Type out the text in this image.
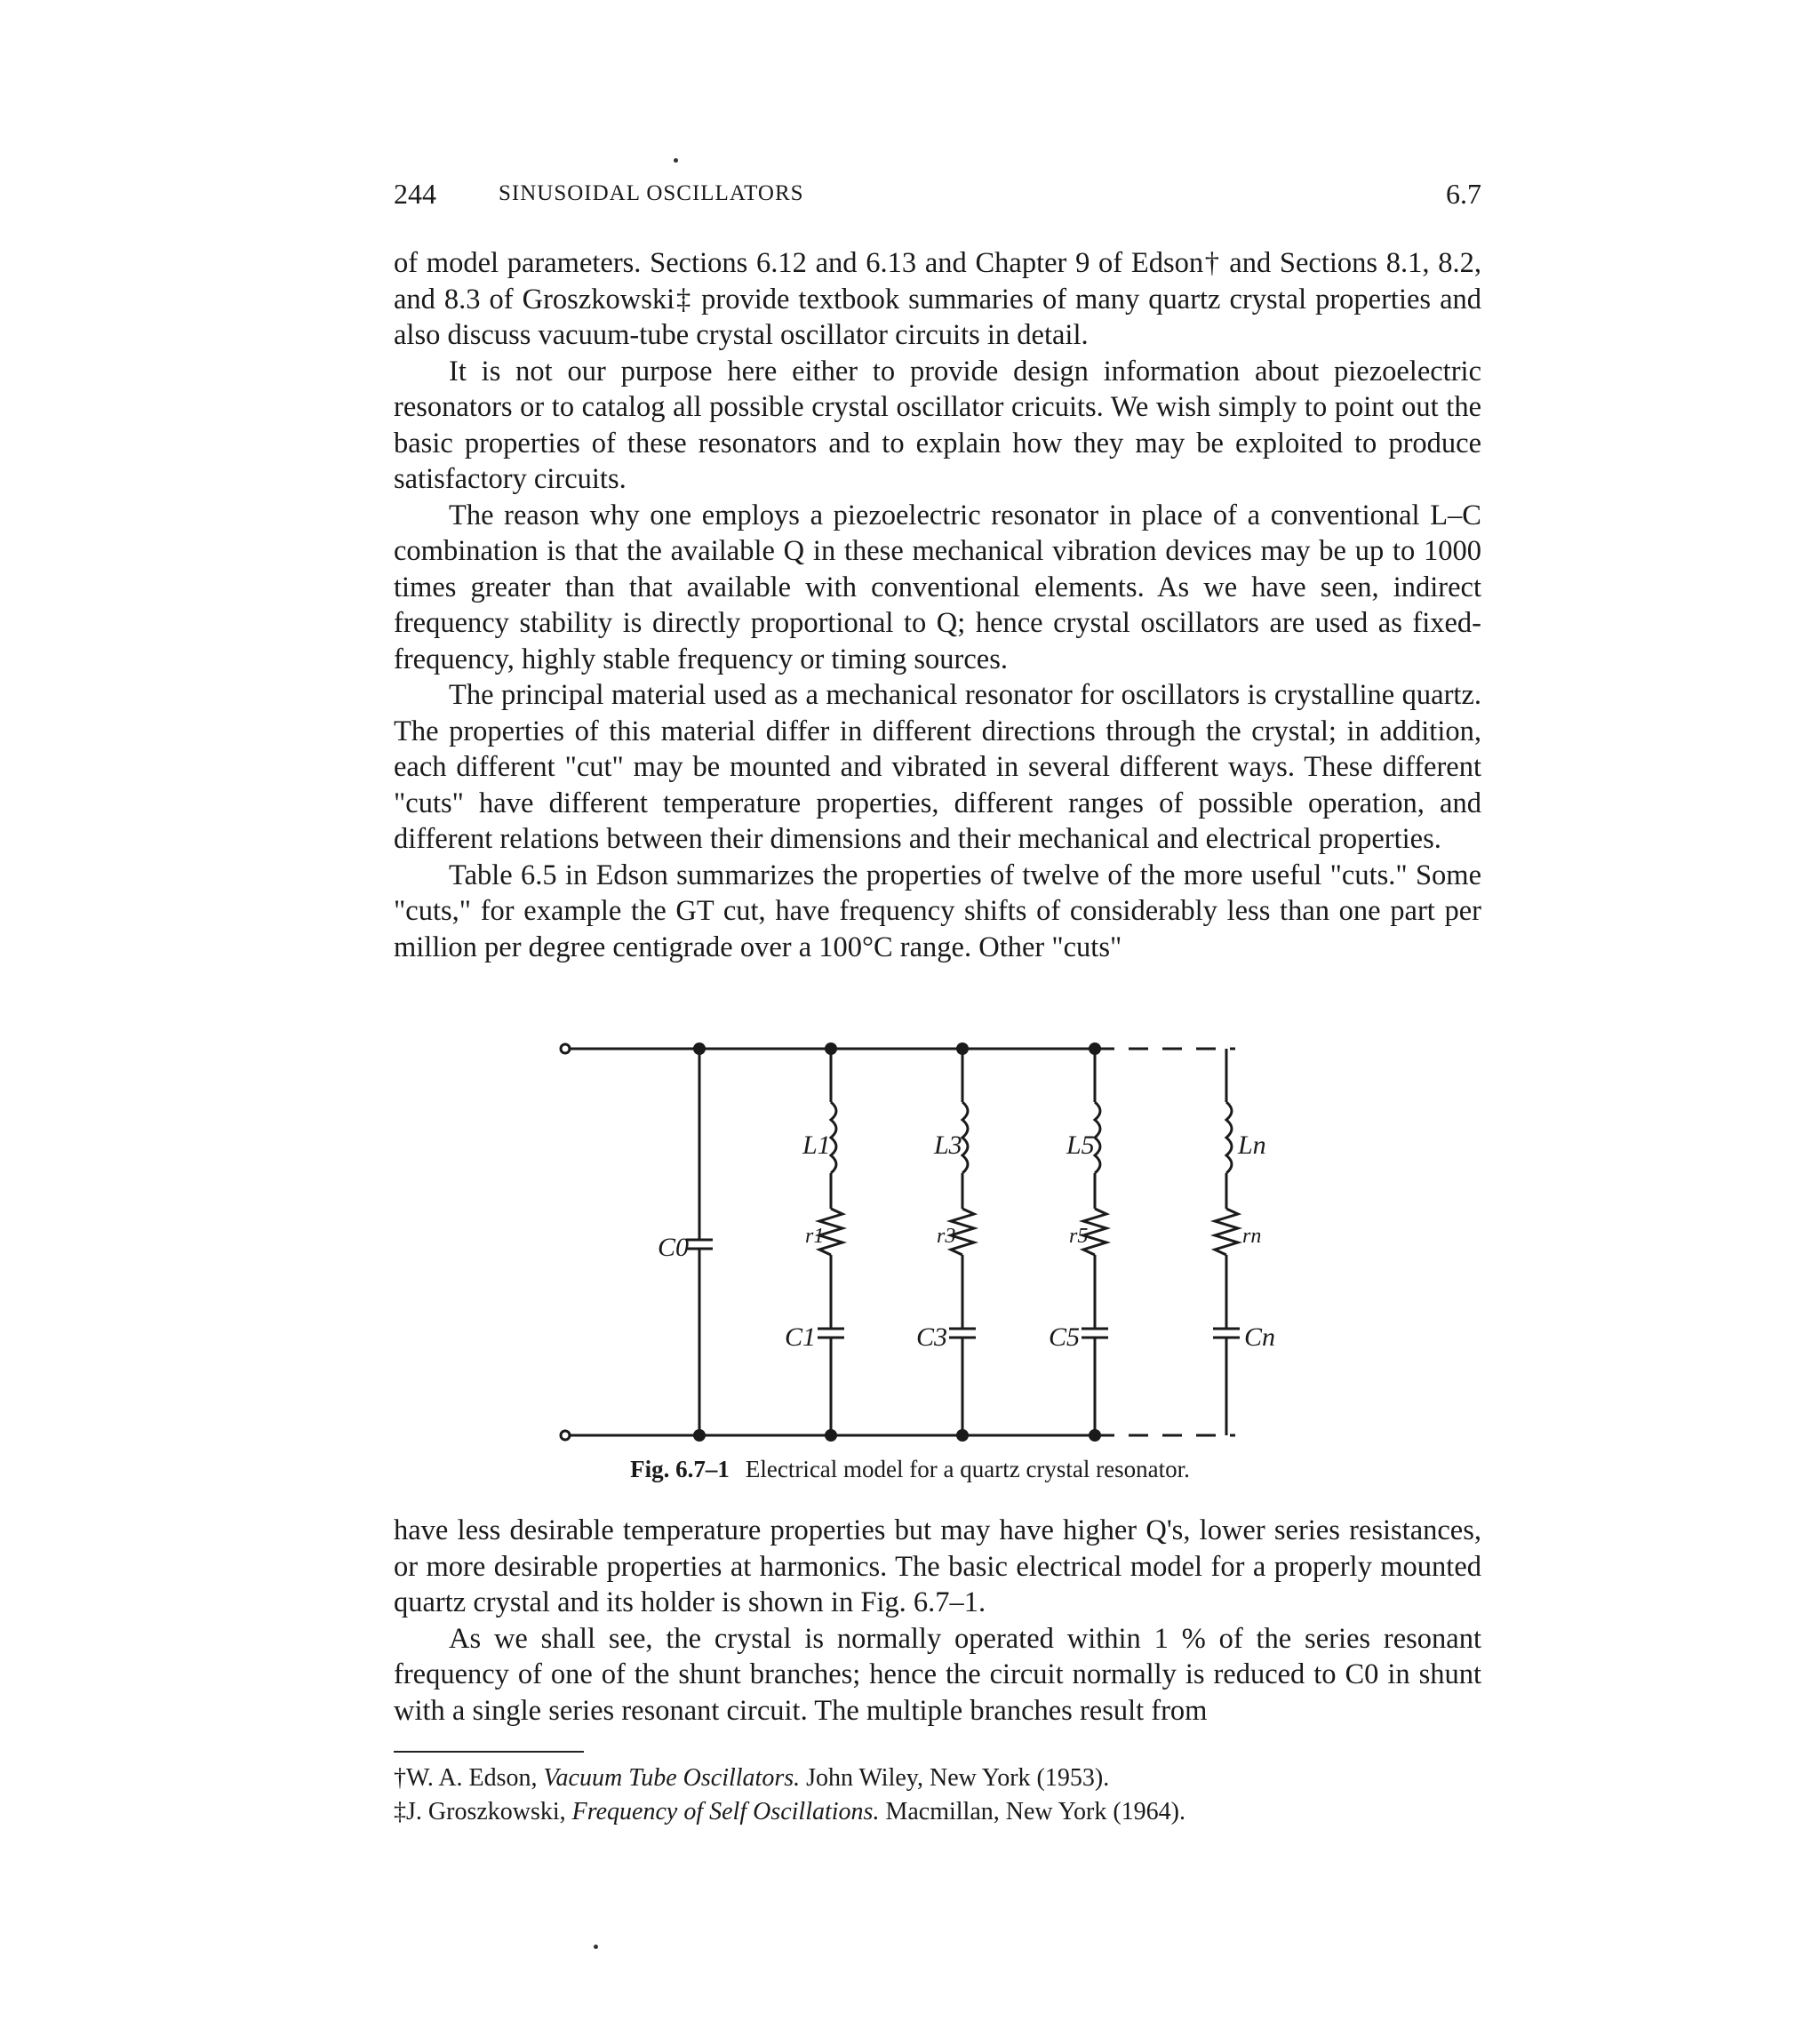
244	SINUSOIDAL OSCILLATORS	6.7

of model parameters. Sections 6.12 and 6.13 and Chapter 9 of Edson† and Sections 8.1, 8.2, and 8.3 of Groszkowski‡ provide textbook summaries of many quartz crystal properties and also discuss vacuum-tube crystal oscillator circuits in detail.

It is not our purpose here either to provide design information about piezoelectric resonators or to catalog all possible crystal oscillator cricuits. We wish simply to point out the basic properties of these resonators and to explain how they may be exploited to produce satisfactory circuits.

The reason why one employs a piezoelectric resonator in place of a conventional L–C combination is that the available Q in these mechanical vibration devices may be up to 1000 times greater than that available with conventional elements. As we have seen, indirect frequency stability is directly proportional to Q; hence crystal oscillators are used as fixed-frequency, highly stable frequency or timing sources.

The principal material used as a mechanical resonator for oscillators is crystalline quartz. The properties of this material differ in different directions through the crystal; in addition, each different "cut" may be mounted and vibrated in several different ways. These different "cuts" have different temperature properties, different ranges of possible operation, and different relations between their dimensions and their mechanical and electrical properties.

Table 6.5 in Edson summarizes the properties of twelve of the more useful "cuts." Some "cuts," for example the GT cut, have frequency shifts of considerably less than one part per million per degree centigrade over a 100°C range. Other "cuts"

C0
L1	L3	L5	Ln
r1	r3	r5	rn
C1	C3	C5	Cn
Fig. 6.7–1 Electrical model for a quartz crystal resonator.

have less desirable temperature properties but may have higher Q's, lower series resistances, or more desirable properties at harmonics. The basic electrical model for a properly mounted quartz crystal and its holder is shown in Fig. 6.7–1.

As we shall see, the crystal is normally operated within 1 % of the series resonant frequency of one of the shunt branches; hence the circuit normally is reduced to C0 in shunt with a single series resonant circuit. The multiple branches result from

†W. A. Edson, Vacuum Tube Oscillators. John Wiley, New York (1953).
‡J. Groszkowski, Frequency of Self Oscillations. Macmillan, New York (1964).
